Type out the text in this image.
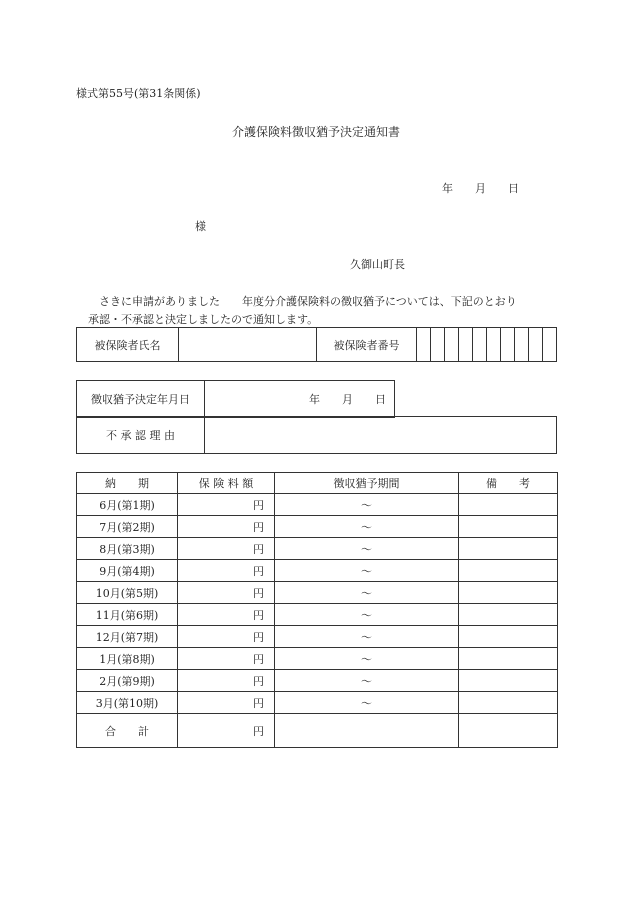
様式第55号(第31条関係)
介護保険料徴収猶予決定通知書
年　　月　　日
様
久御山町長
さきに申請がありました　　年度分介護保険料の徴収猶予については、下記のとおり
承認・不承認と決定しましたので通知します。
被保険者氏名		被保険者番号										
徴収猶予決定年月日	年　　月　　日
不 承 認 理 由	
納　　期	保 険 料 額	徴収猶予期間	備　　考
6月(第1期)	円	〜	
7月(第2期)	円	〜	
8月(第3期)	円	〜	
9月(第4期)	円	〜	
10月(第5期)	円	〜	
11月(第6期)	円	〜	
12月(第7期)	円	〜	
1月(第8期)	円	〜	
2月(第9期)	円	〜	
3月(第10期)	円	〜	
合　　計	円		
